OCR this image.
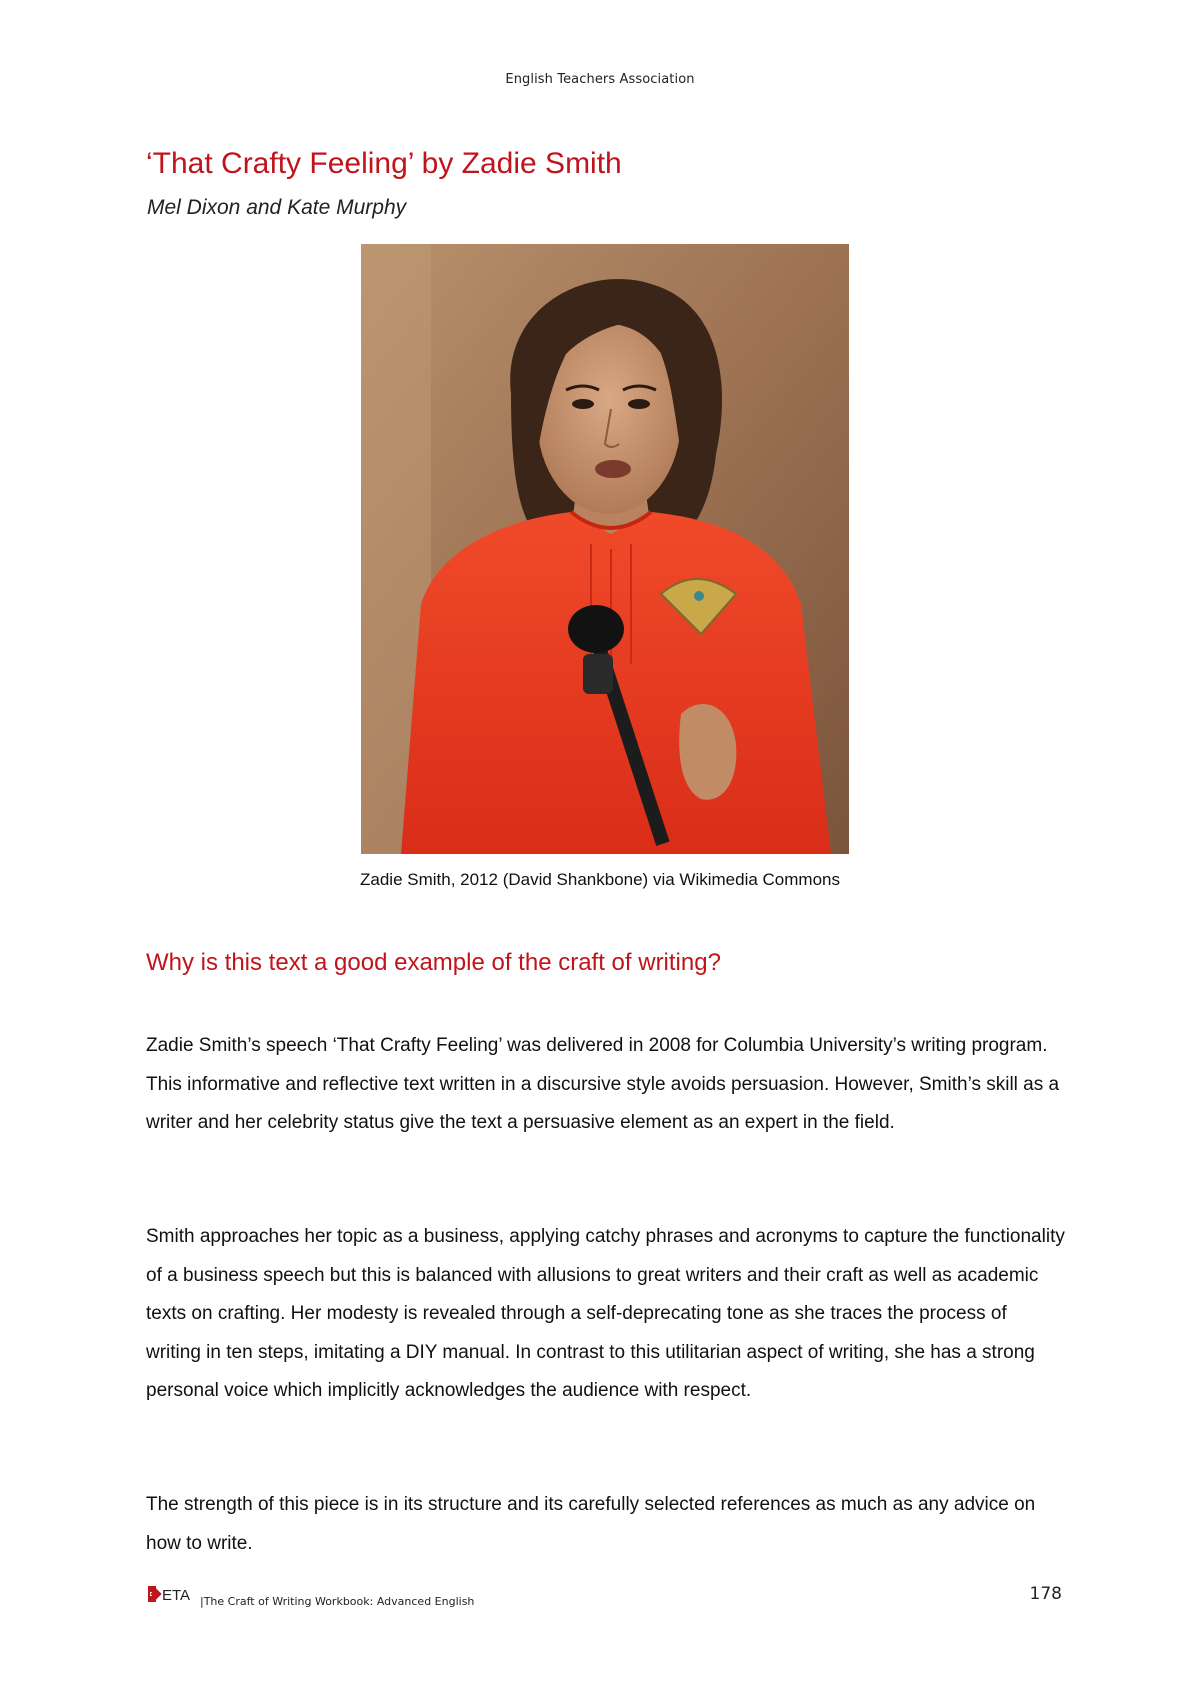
English Teachers Association
‘That Crafty Feeling’ by Zadie Smith
Mel Dixon and Kate Murphy
Zadie Smith, 2012 (David Shankbone) via Wikimedia Commons
Why is this text a good example of the craft of writing?

Zadie Smith’s speech ‘That Crafty Feeling’ was delivered in 2008 for Columbia University’s writing program. This informative and reflective text written in a discursive style avoids persuasion. However, Smith’s skill as a writer and her celebrity status give the text a persuasive element as an expert in the field.

Smith approaches her topic as a business, applying catchy phrases and acronyms to capture the functionality of a business speech but this is balanced with allusions to great writers and their craft as well as academic texts on crafting. Her modesty is revealed through a self-deprecating tone as she traces the process of writing in ten steps, imitating a DIY manual. In contrast to this utilitarian aspect of writing, she has a strong personal voice which implicitly acknowledges the audience with respect.

The strength of this piece is in its structure and its carefully selected references as much as any advice on how to write.

ETA |The Craft of Writing Workbook: Advanced English	178
